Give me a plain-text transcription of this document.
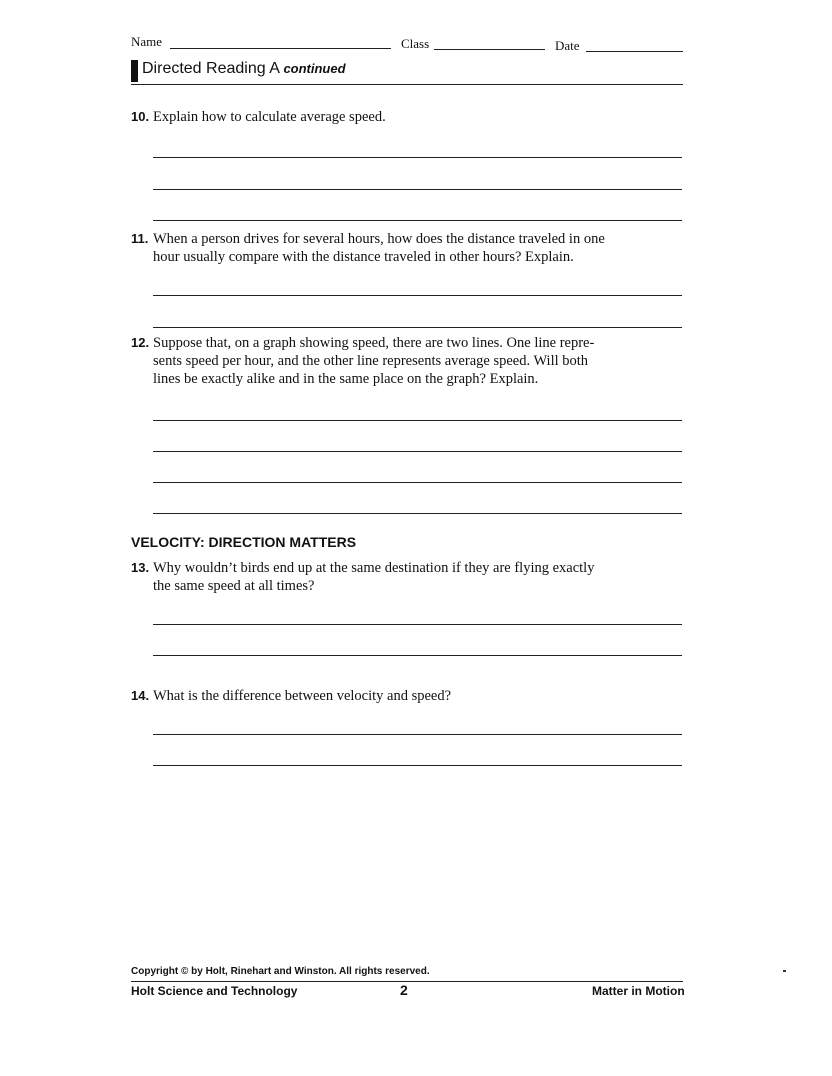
Name	Class	Date
Directed Reading A continued
10. Explain how to calculate average speed.
11. When a person drives for several hours, how does the distance traveled in one
hour usually compare with the distance traveled in other hours? Explain.
12. Suppose that, on a graph showing speed, there are two lines. One line repre-
sents speed per hour, and the other line represents average speed. Will both
lines be exactly alike and in the same place on the graph? Explain.
VELOCITY: DIRECTION MATTERS
13. Why wouldn’t birds end up at the same destination if they are flying exactly
the same speed at all times?
14. What is the difference between velocity and speed?
Copyright © by Holt, Rinehart and Winston. All rights reserved.
Holt Science and Technology	2	Matter in Motion
